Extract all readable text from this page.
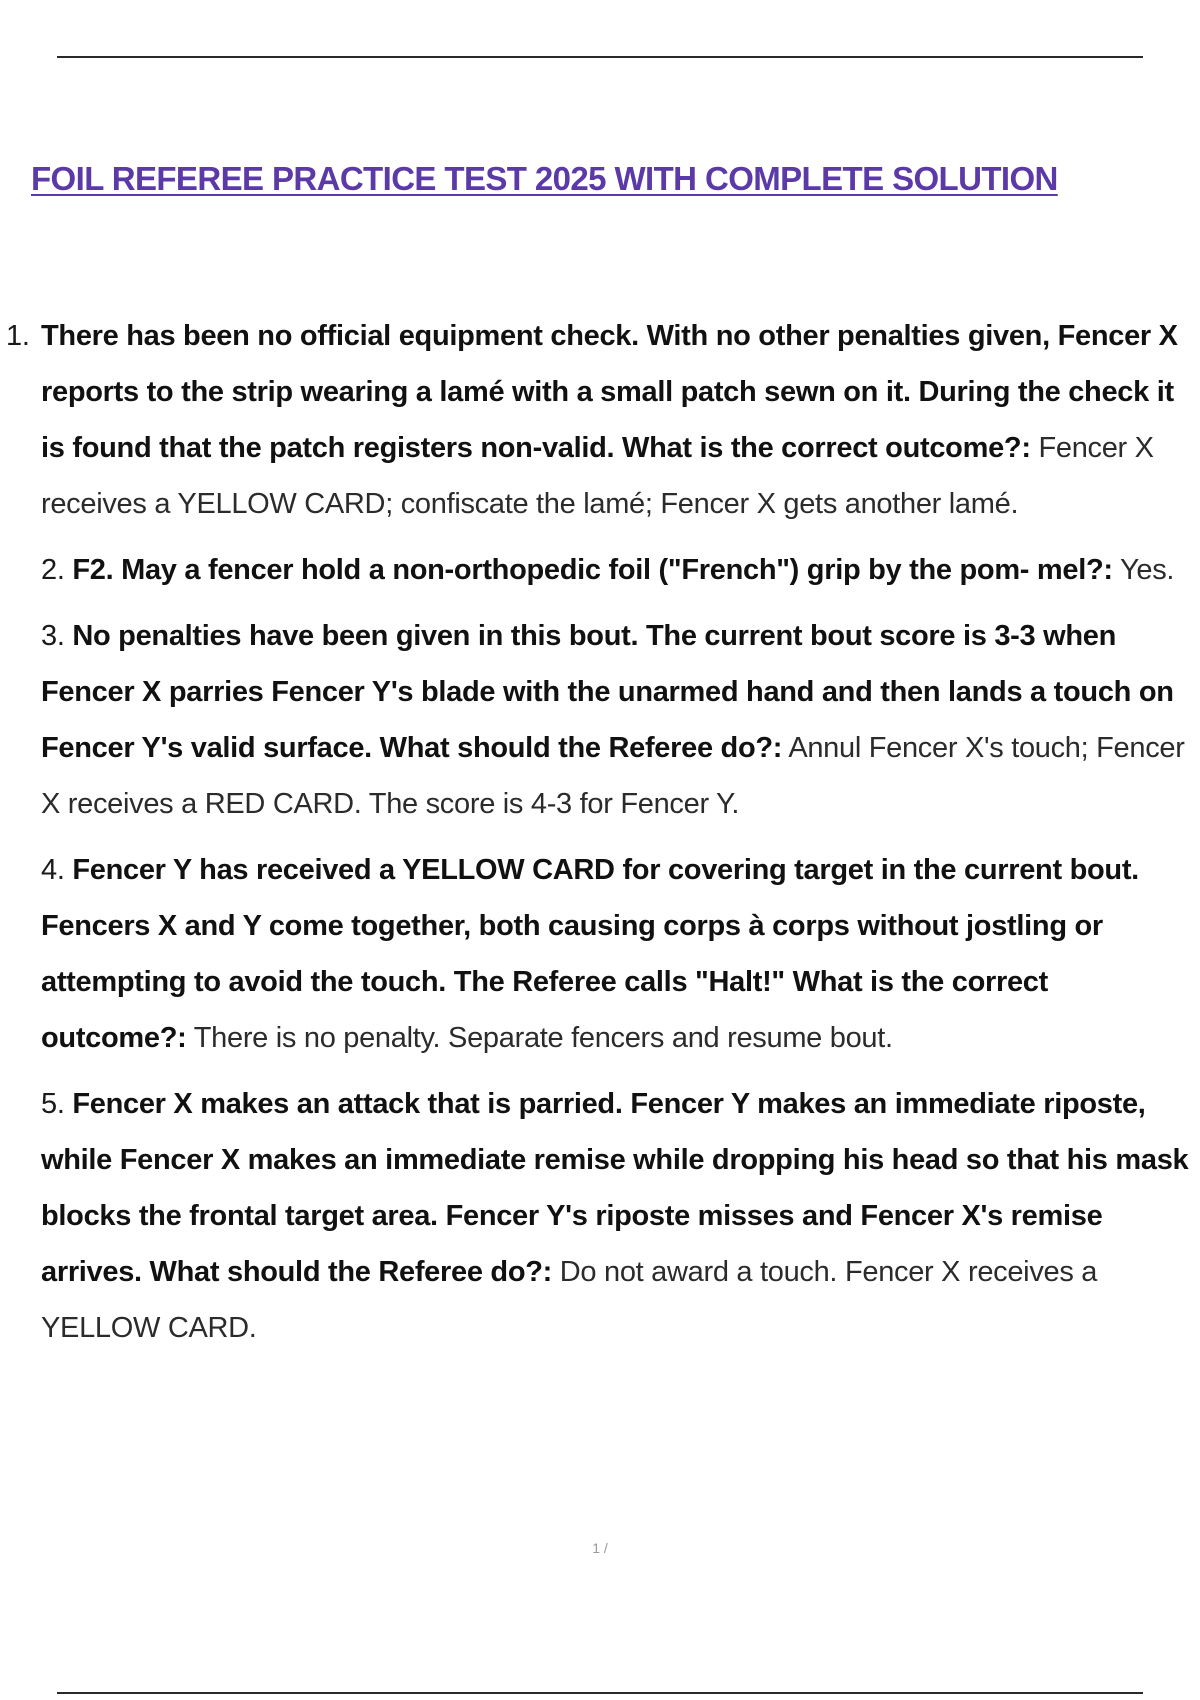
FOIL REFEREE PRACTICE TEST 2025 WITH COMPLETE SOLUTION
1. There has been no official equipment check. With no other penalties given, Fencer X reports to the strip wearing a lamé with a small patch sewn on it. During the check it is found that the patch registers non-valid. What is the correct outcome?: Fencer X receives a YELLOW CARD; confiscate the lamé; Fencer X gets another lamé.
2. F2. May a fencer hold a non-orthopedic foil ("French") grip by the pom- mel?: Yes.
3. No penalties have been given in this bout. The current bout score is 3-3 when Fencer X parries Fencer Y's blade with the unarmed hand and then lands a touch on Fencer Y's valid surface. What should the Referee do?: Annul Fencer X's touch; Fencer X receives a RED CARD. The score is 4-3 for Fencer Y.
4. Fencer Y has received a YELLOW CARD for covering target in the current bout. Fencers X and Y come together, both causing corps à corps without jostling or attempting to avoid the touch. The Referee calls "Halt!" What is the correct outcome?: There is no penalty. Separate fencers and resume bout.
5. Fencer X makes an attack that is parried. Fencer Y makes an immediate riposte, while Fencer X makes an immediate remise while dropping his head so that his mask blocks the frontal target area. Fencer Y's riposte misses and Fencer X's remise arrives. What should the Referee do?: Do not award a touch. Fencer X receives a YELLOW CARD.
1 /
